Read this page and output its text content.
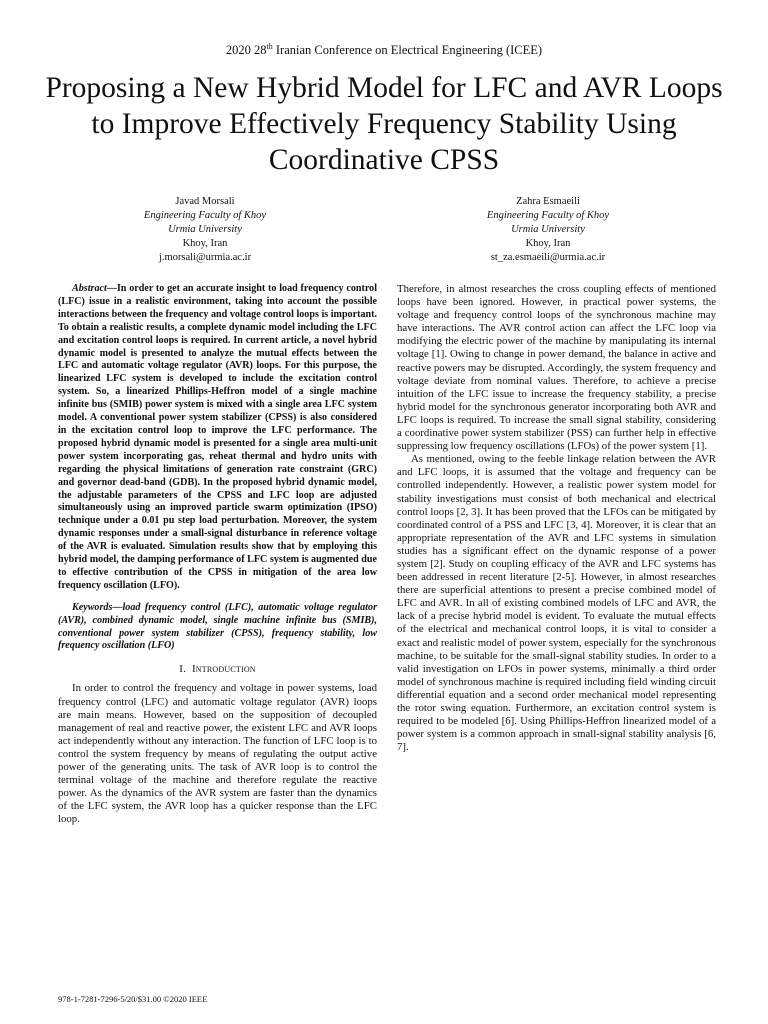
2020 28th Iranian Conference on Electrical Engineering (ICEE)
Proposing a New Hybrid Model for LFC and AVR Loops to Improve Effectively Frequency Stability Using Coordinative CPSS
Javad Morsali
Engineering Faculty of Khoy
Urmia University
Khoy, Iran
j.morsali@urmia.ac.ir
Zahra Esmaeili
Engineering Faculty of Khoy
Urmia University
Khoy, Iran
st_za.esmaeili@urmia.ac.ir

Abstract—In order to get an accurate insight to load frequency control (LFC) issue in a realistic environment, taking into account the possible interactions between the frequency and voltage control loops is important. To obtain a realistic results, a complete dynamic model including the LFC and excitation control loops is required. In current article, a novel hybrid dynamic model is presented to analyze the mutual effects between the LFC and automatic voltage regulator (AVR) loops. For this purpose, the linearized LFC system is developed to include the excitation control system. So, a linearized Phillips-Heffron model of a single machine infinite bus (SMIB) power system is mixed with a single area LFC system model. A conventional power system stabilizer (CPSS) is also considered in the excitation control loop to improve the LFC performance. The proposed hybrid dynamic model is presented for a single area multi-unit power system incorporating gas, reheat thermal and hydro units with regarding the physical limitations of generation rate constraint (GRC) and governor dead-band (GDB). In the proposed hybrid dynamic model, the adjustable parameters of the CPSS and LFC loop are adjusted simultaneously using an improved particle swarm optimization (IPSO) technique under a 0.01 pu step load perturbation. Moreover, the system dynamic responses under a small-signal disturbance in reference voltage of the AVR is evaluated. Simulation results show that by employing this hybrid model, the damping performance of LFC system is augmented due to effective contribution of the CPSS in mitigation of the area low frequency oscillation (LFO).

Keywords—load frequency control (LFC), automatic voltage regulator (AVR), combined dynamic model, single machine infinite bus (SMIB), conventional power system stabilizer (CPSS), frequency stability, low frequency oscillation (LFO)

I. Introduction

In order to control the frequency and voltage in power systems, load frequency control (LFC) and automatic voltage regulator (AVR) loops are main means. However, based on the supposition of decoupled management of real and reactive power, the existent LFC and AVR loops act independently without any interaction. The function of LFC loop is to control the system frequency by means of regulating the output active power of the generating units. The task of AVR loop is to control the terminal voltage of the machine and therefore regulate the reactive power. As the dynamics of the AVR system are faster than the dynamics of the LFC system, the AVR loop has a quicker response than the LFC loop.

Therefore, in almost researches the cross coupling effects of mentioned loops have been ignored. However, in practical power systems, the voltage and frequency control loops of the synchronous machine may have interactions. The AVR control action can affect the LFC loop via modifying the electric power of the machine by manipulating its internal voltage [1]. Owing to change in power demand, the balance in active and reactive powers may be disrupted. Accordingly, the system frequency and voltage deviate from nominal values. Therefore, to achieve a precise intuition of the LFC issue to increase the frequency stability, a precise hybrid model for the synchronous generator incorporating both AVR and LFC loops is required. To increase the small signal stability, considering a coordinative power system stabilizer (PSS) can further help in effective suppressing low frequency oscillations (LFOs) of the power system [1].

As mentioned, owing to the feeble linkage relation between the AVR and LFC loops, it is assumed that the voltage and frequency can be controlled independently. However, a realistic power system model for stability investigations must consist of both mechanical and electrical control loops [2, 3]. It has been proved that the LFOs can be mitigated by coordinated control of a PSS and LFC [3, 4]. Moreover, it is clear that an appropriate representation of the AVR and LFC systems in simulation studies has a significant effect on the dynamic response of a power system [2]. Study on coupling efficacy of the AVR and LFC systems has been addressed in recent literature [2-5]. However, in almost researches there are superficial attentions to present a precise combined model of LFC and AVR. In all of existing combined models of LFC and AVR, the lack of a precise hybrid model is evident. To evaluate the mutual effects of the electrical and mechanical control loops, it is vital to consider a exact and realistic model of power system, especially for the synchronous machine, to be suitable for the small-signal stability studies. In order to a valid investigation on LFOs in power systems, minimally a third order model of synchronous machine is required including field winding circuit differential equation and a second order mechanical model representing the rotor swing equation. Furthermore, an excitation control system is required to be modeled [6]. Using Phillips-Heffron linearized model of a power system is a common approach in small-signal stability analysis [6, 7].

978-1-7281-7296-5/20/$31.00 ©2020 IEEE
